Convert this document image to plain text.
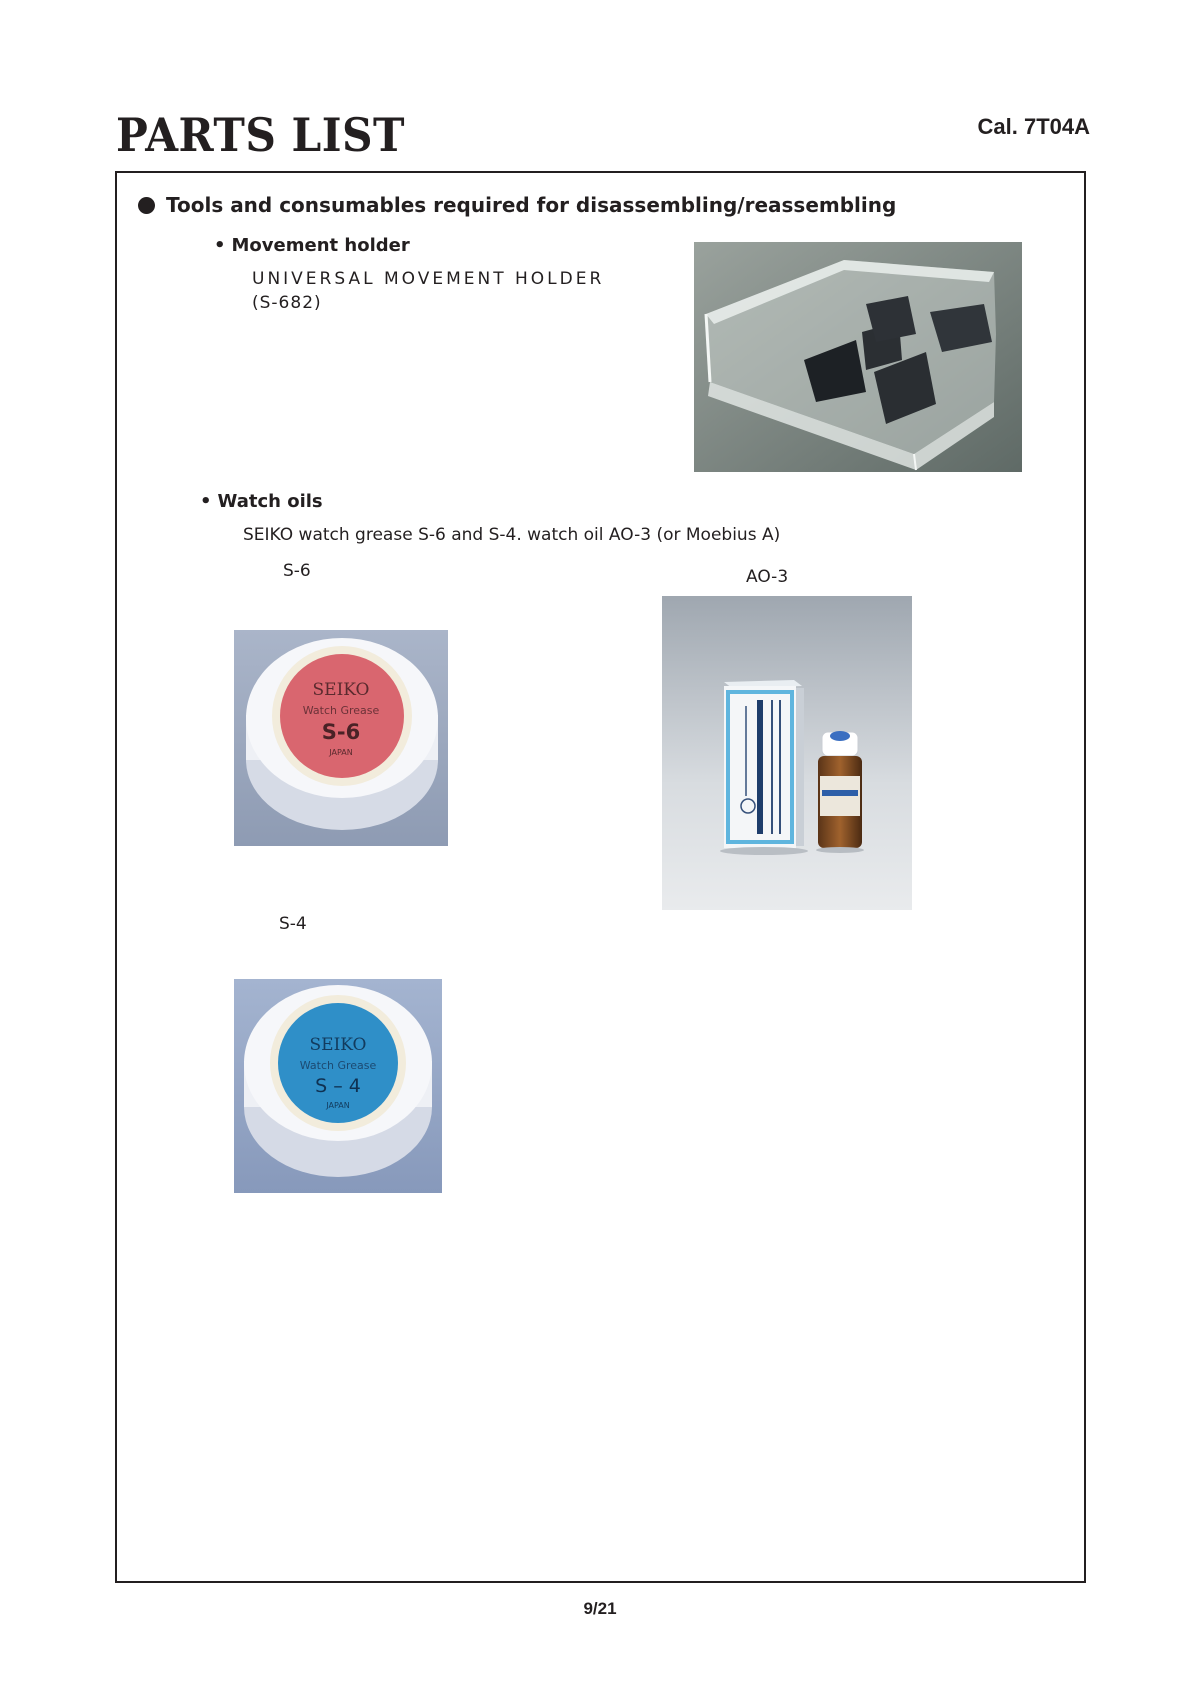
PARTS LIST	Cal. 7T04A
Tools and consumables required for disassembling/reassembling
• Movement holder
UNIVERSAL MOVEMENT HOLDER
(S-682)
• Watch oils
SEIKO watch grease S-6 and S-4. watch oil AO-3 (or Moebius A)
S-6	AO-3
S-4
SEIKO
Watch Grease
S-6
JAPAN
SEIKO
Watch Grease
S – 4
JAPAN
9/21
